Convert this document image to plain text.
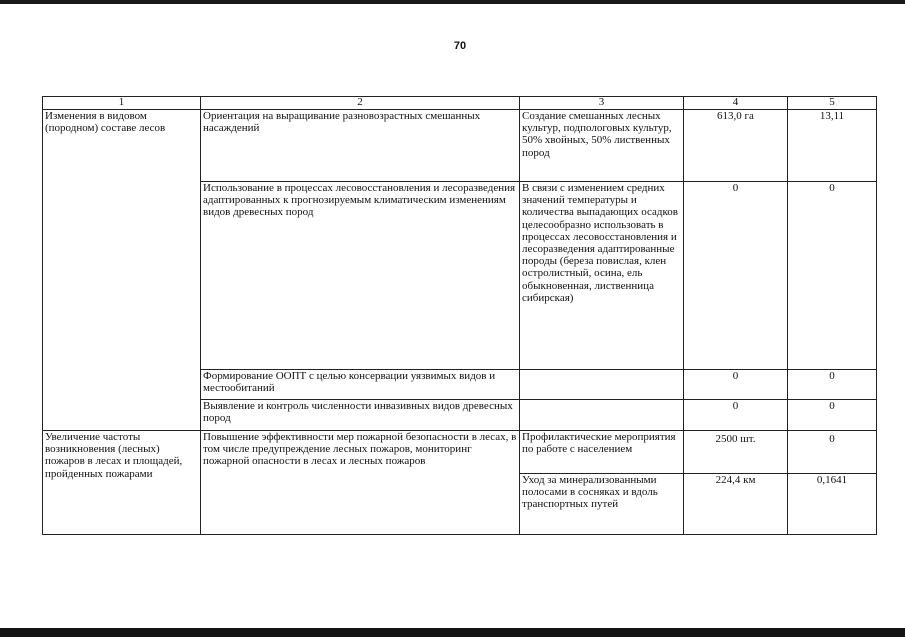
70
1	2	3	4	5
Изменения в видовом (породном) составе лесов	Ориентация на выращивание разновозрастных смешанных насаждений	Создание смешанных лесных культур, подпологовых культур, 50% хвойных, 50% лиственных пород	613,0 га	13,11
	Использование в процессах лесовосстановления и лесоразведения адаптированных к прогнозируемым климатическим изменениям видов древесных пород	В связи с изменением средних значений температуры и количества выпадающих осадков целесообразно использовать в процессах лесовосстановления и лесоразведения адаптированные породы (береза повислая, клен остролистный, осина, ель обыкновенная, лиственница сибирская)	0	0
	Формирование ООПТ с целью консервации уязвимых видов и местообитаний		0	0
	Выявление и контроль численности инвазивных видов древесных пород		0	0
Увеличение частоты возникновения (лесных) пожаров в лесах и площадей, пройденных пожарами	Повышение эффективности мер пожарной безопасности в лесах, в том числе предупреждение лесных пожаров, мониторинг пожарной опасности в лесах и лесных пожаров	Профилактические мероприятия по работе с населением	2500 шт.	0
		Уход за минерализованными полосами в сосняках и вдоль транспортных путей	224,4 км	0,1641
